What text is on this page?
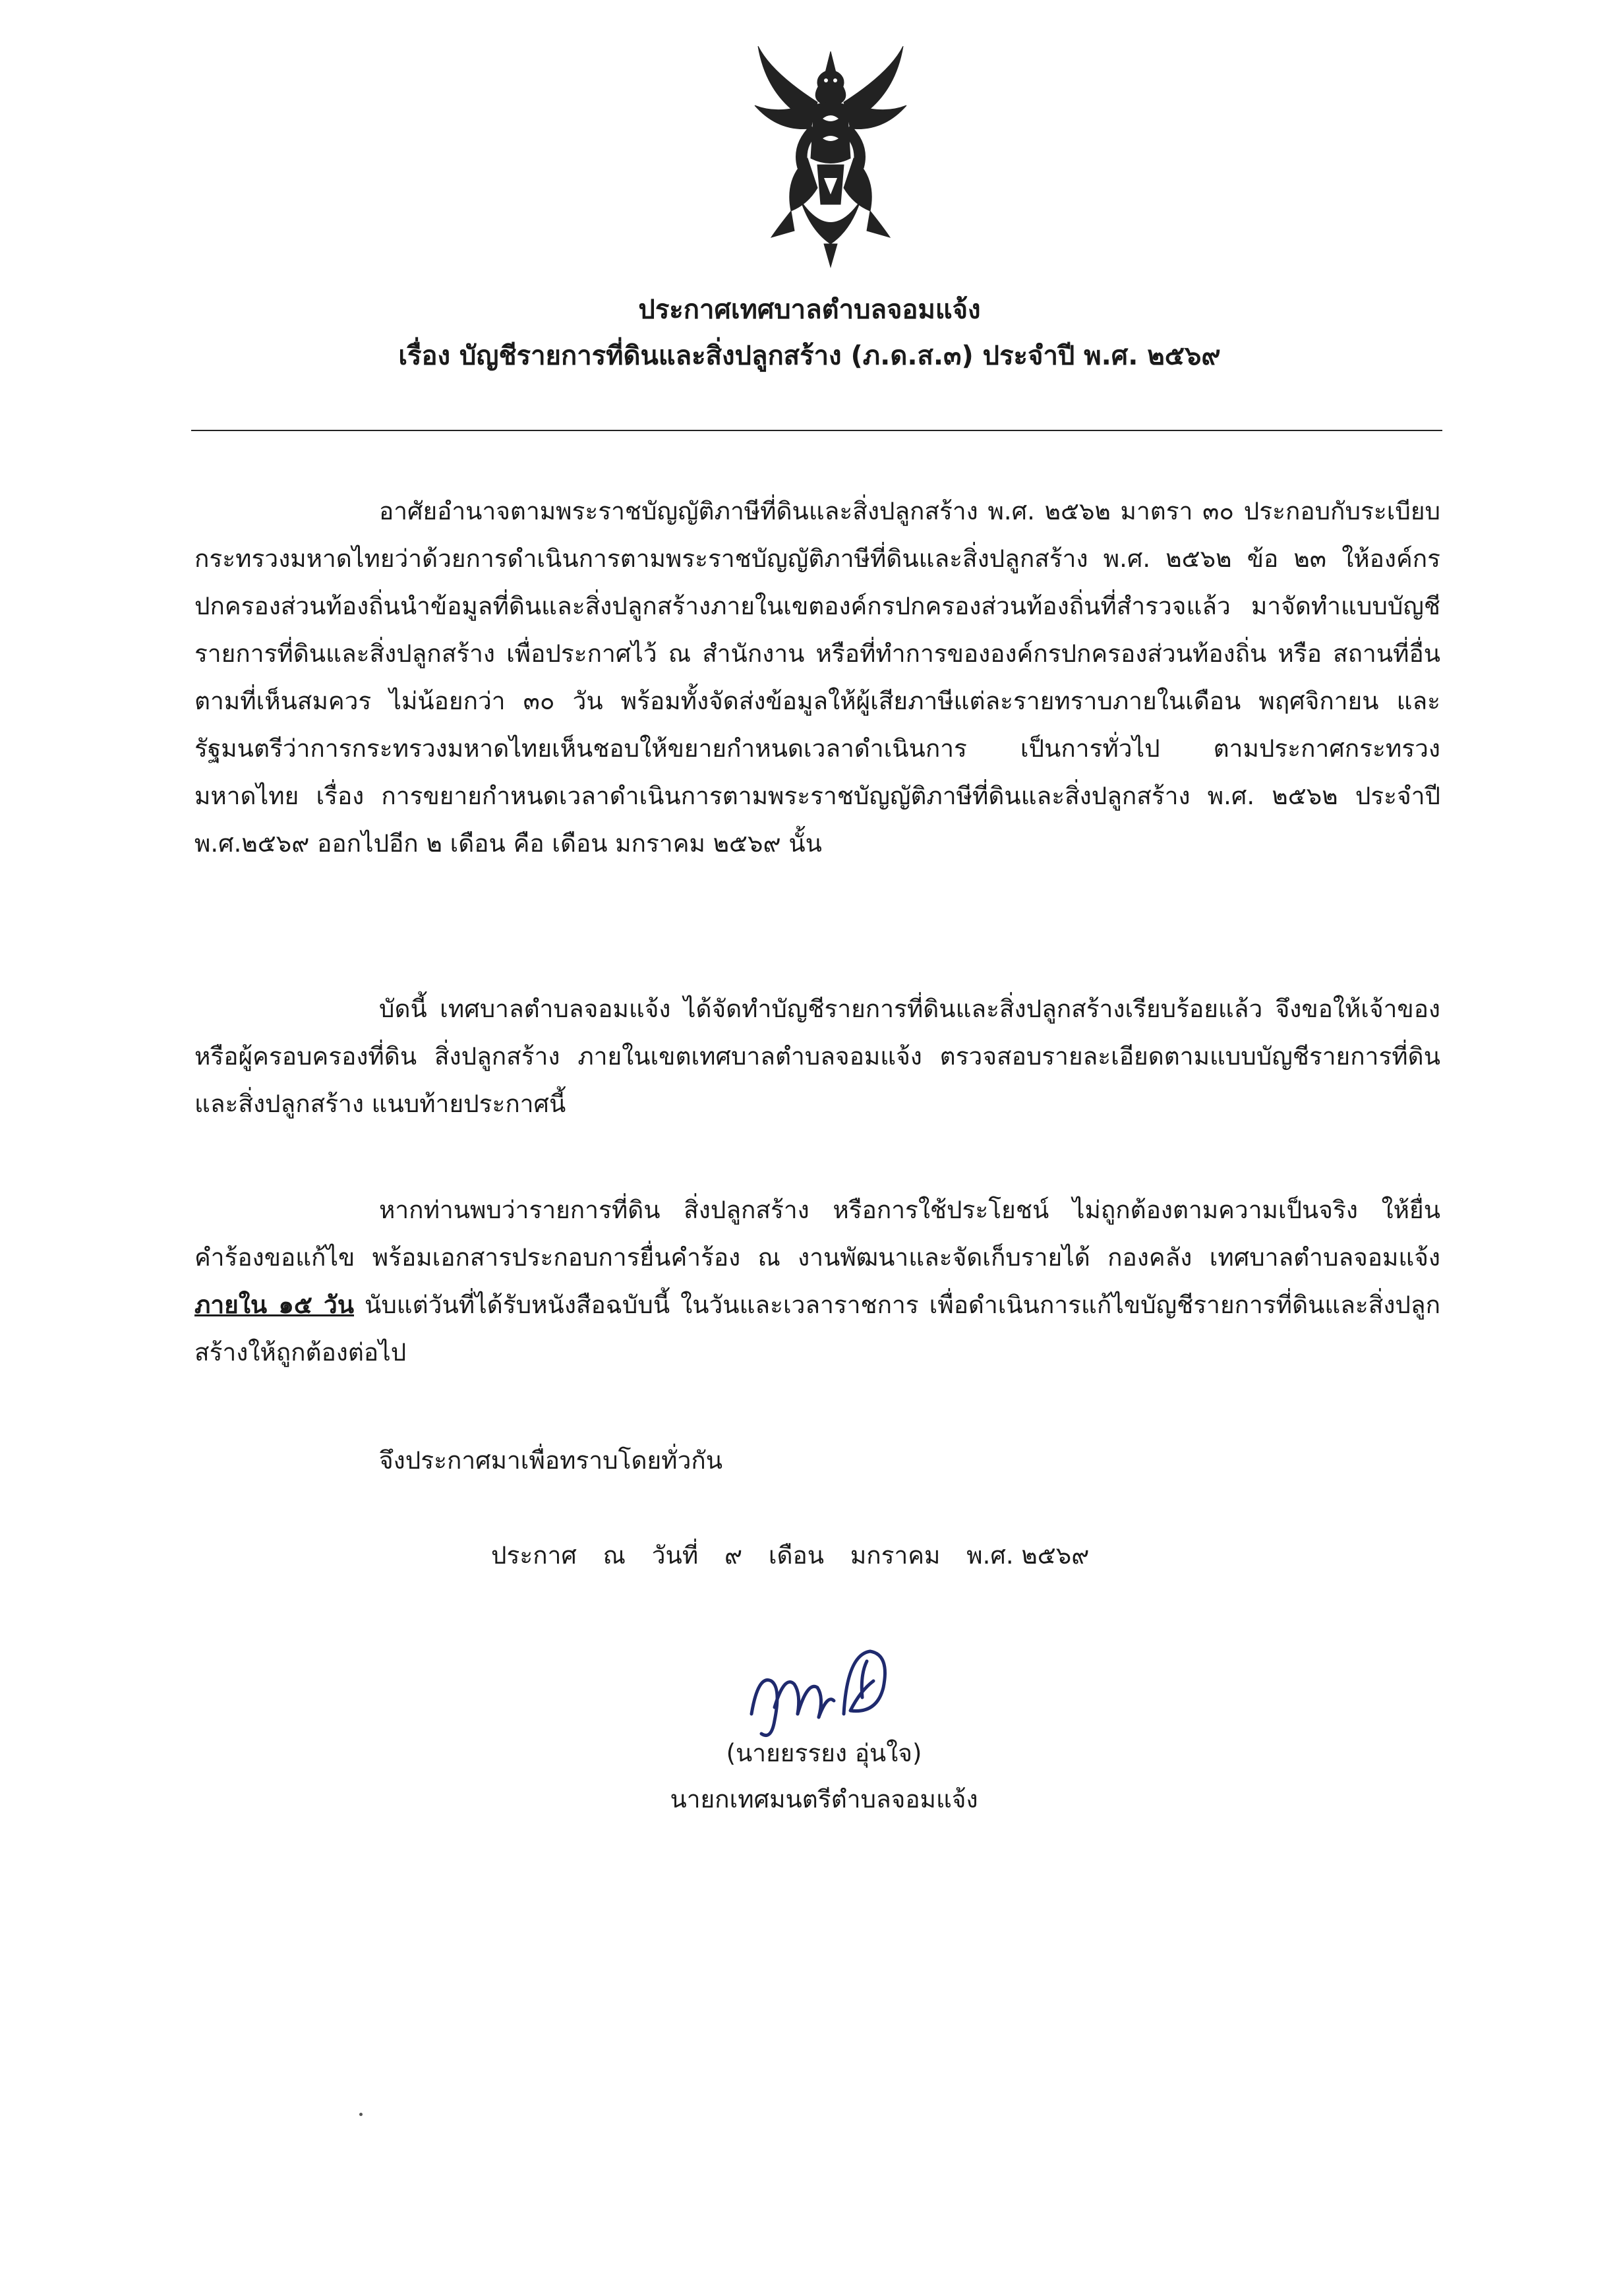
ประกาศเทศบาลตำบลจอมแจ้ง
เรื่อง บัญชีรายการที่ดินและสิ่งปลูกสร้าง (ภ.ด.ส.๓) ประจำปี พ.ศ. ๒๕๖๙

อาศัยอำนาจตามพระราชบัญญัติภาษีที่ดินและสิ่งปลูกสร้าง พ.ศ. ๒๕๖๒ มาตรา ๓๐ ประกอบกับระเบียบกระทรวงมหาดไทยว่าด้วยการดำเนินการตามพระราชบัญญัติภาษีที่ดินและสิ่งปลูกสร้าง พ.ศ. ๒๕๖๒ ข้อ ๒๓ ให้องค์กรปกครองส่วนท้องถิ่นนำข้อมูลที่ดินและสิ่งปลูกสร้างภายในเขตองค์กรปกครองส่วนท้องถิ่นที่สำรวจแล้ว มาจัดทำแบบบัญชีรายการที่ดินและสิ่งปลูกสร้าง เพื่อประกาศไว้ ณ สำนักงาน หรือที่ทำการขององค์กรปกครองส่วนท้องถิ่น หรือ สถานที่อื่นตามที่เห็นสมควร ไม่น้อยกว่า ๓๐ วัน พร้อมทั้งจัดส่งข้อมูลให้ผู้เสียภาษีแต่ละรายทราบภายในเดือน พฤศจิกายน และรัฐมนตรีว่าการกระทรวงมหาดไทยเห็นชอบให้ขยายกำหนดเวลาดำเนินการ เป็นการทั่วไป ตามประกาศกระทรวงมหาดไทย เรื่อง การขยายกำหนดเวลาดำเนินการตามพระราชบัญญัติภาษีที่ดินและสิ่งปลูกสร้าง พ.ศ. ๒๕๖๒ ประจำปี พ.ศ.๒๕๖๙ ออกไปอีก ๒ เดือน คือ เดือน มกราคม ๒๕๖๙ นั้น

บัดนี้ เทศบาลตำบลจอมแจ้ง ได้จัดทำบัญชีรายการที่ดินและสิ่งปลูกสร้างเรียบร้อยแล้ว จึงขอให้เจ้าของ หรือผู้ครอบครองที่ดิน สิ่งปลูกสร้าง ภายในเขตเทศบาลตำบลจอมแจ้ง ตรวจสอบรายละเอียดตามแบบบัญชีรายการที่ดินและสิ่งปลูกสร้าง แนบท้ายประกาศนี้

หากท่านพบว่ารายการที่ดิน สิ่งปลูกสร้าง หรือการใช้ประโยชน์ ไม่ถูกต้องตามความเป็นจริง ให้ยื่นคำร้องขอแก้ไข พร้อมเอกสารประกอบการยื่นคำร้อง ณ งานพัฒนาและจัดเก็บรายได้ กองคลัง เทศบาลตำบลจอมแจ้ง ภายใน ๑๕ วัน นับแต่วันที่ได้รับหนังสือฉบับนี้ ในวันและเวลาราชการ เพื่อดำเนินการแก้ไขบัญชีรายการที่ดินและสิ่งปลูกสร้างให้ถูกต้องต่อไป

จึงประกาศมาเพื่อทราบโดยทั่วกัน

ประกาศ ณ วันที่ ๙ เดือน มกราคม พ.ศ. ๒๕๖๙
(นายยรรยง อุ่นใจ)
นายกเทศมนตรีตำบลจอมแจ้ง
